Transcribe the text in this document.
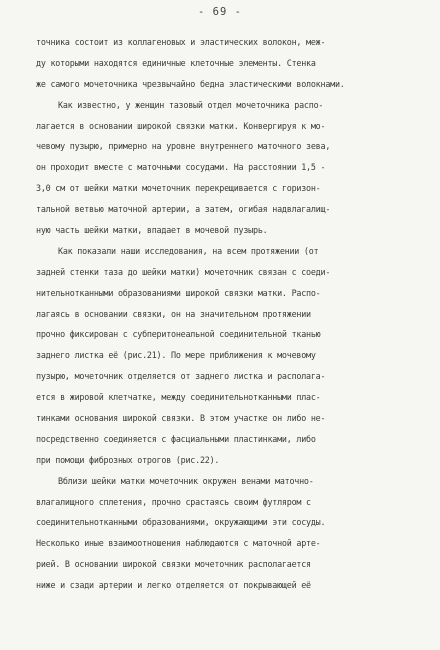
- 69 -
точника состоит из коллагеновых и эластических волокон, меж-
ду которыми находятся единичные клеточные элементы. Стенка
же самого мочеточника чрезвычайно бедна эластическими волокнами.
Как известно, у женщин тазовый отдел мочеточника распо-
лагается в основании широкой связки матки. Конвергируя к мо-
чевому пузырю, примерно на уровне внутреннего маточного зева,
он проходит вместе с маточными сосудами. На расстоянии 1,5 -
3,0 см от шейки матки мочеточник перекрещивается с горизон-
тальной ветвью маточной артерии, а затем, огибая надвлагалищ-
ную часть шейки матки, впадает в мочевой пузырь.
Как показали наши исследования, на всем протяжении (от
задней стенки таза до шейки матки) мочеточник связан с соеди-
нительнотканными образованиями широкой связки матки. Распо-
лагаясь в основании связки, он на значительном протяжении
прочно фиксирован с субперитонеальной соединительной тканью
заднего листка её (рис.21). По мере приближения к мочевому
пузырю, мочеточник отделяется от заднего листка и располага-
ется в жировой клетчатке, между соединительнотканными плас-
тинками основания широкой связки. В этом участке он либо не-
посредственно соединяется с фасциальными пластинками, либо
при помощи фиброзных отрогов (рис.22).
Вблизи шейки матки мочеточник окружен венами маточно-
влагалищного сплетения, прочно срастаясь своим футляром с
соединительнотканными образованиями, окружающими эти сосуды.
Несколько иные взаимоотношения наблюдаются с маточной арте-
рией. В основании широкой связки мочеточник располагается
ниже и сзади артерии и легко отделяется от покрывающей её
